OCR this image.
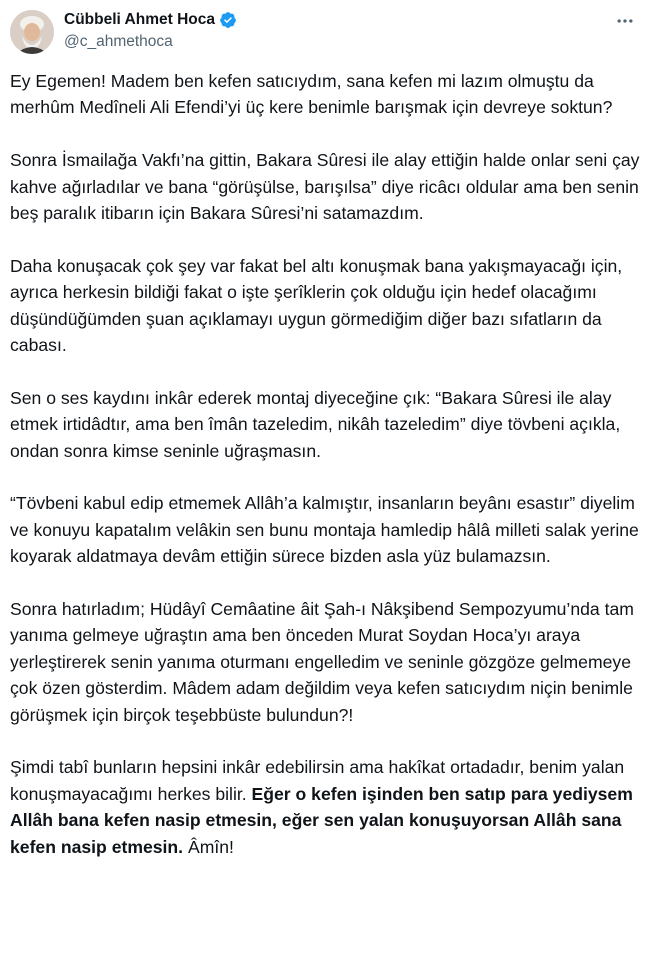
Cübbeli Ahmet Hoca
@c_ahmethoca

Ey Egemen! Madem ben kefen satıcıydım, sana kefen mi lazım olmuştu da merhûm Medîneli Ali Efendi’yi üç kere benimle barışmak için devreye soktun?

Sonra İsmailağa Vakfı’na gittin, Bakara Sûresi ile alay ettiğin halde onlar seni çay kahve ağırladılar ve bana “görüşülse, barışılsa” diye ricâcı oldular ama ben senin beş paralık itibarın için Bakara Sûresi’ni satamazdım.

Daha konuşacak çok şey var fakat bel altı konuşmak bana yakışmayacağı için, ayrıca herkesin bildiği fakat o işte şerîklerin çok olduğu için hedef olacağımı düşündüğümden şuan açıklamayı uygun görmediğim diğer bazı sıfatların da cabası.

Sen o ses kaydını inkâr ederek montaj diyeceğine çık: “Bakara Sûresi ile alay etmek irtidâdtır, ama ben îmân tazeledim, nikâh tazeledim” diye tövbeni açıkla, ondan sonra kimse seninle uğraşmasın.

“Tövbeni kabul edip etmemek Allâh’a kalmıştır, insanların beyânı esastır” diyelim ve konuyu kapatalım velâkin sen bunu montaja hamledip hâlâ milleti salak yerine koyarak aldatmaya devâm ettiğin sürece bizden asla yüz bulamazsın.

Sonra hatırladım; Hüdâyî Cemâatine âit Şah-ı Nâkşibend Sempozyumu’nda tam yanıma gelmeye uğraştın ama ben önceden Murat Soydan Hoca’yı araya yerleştirerek senin yanıma oturmanı engelledim ve seninle gözgöze gelmemeye çok özen gösterdim. Mâdem adam değildim veya kefen satıcıydım niçin benimle görüşmek için birçok teşebbüste bulundun?!

Şimdi tabî bunların hepsini inkâr edebilirsin ama hakîkat ortadadır, benim yalan konuşmayacağımı herkes bilir. Eğer o kefen işinden ben satıp para yediysem Allâh bana kefen nasip etmesin, eğer sen yalan konuşuyorsan Allâh sana kefen nasip etmesin. Âmîn!
